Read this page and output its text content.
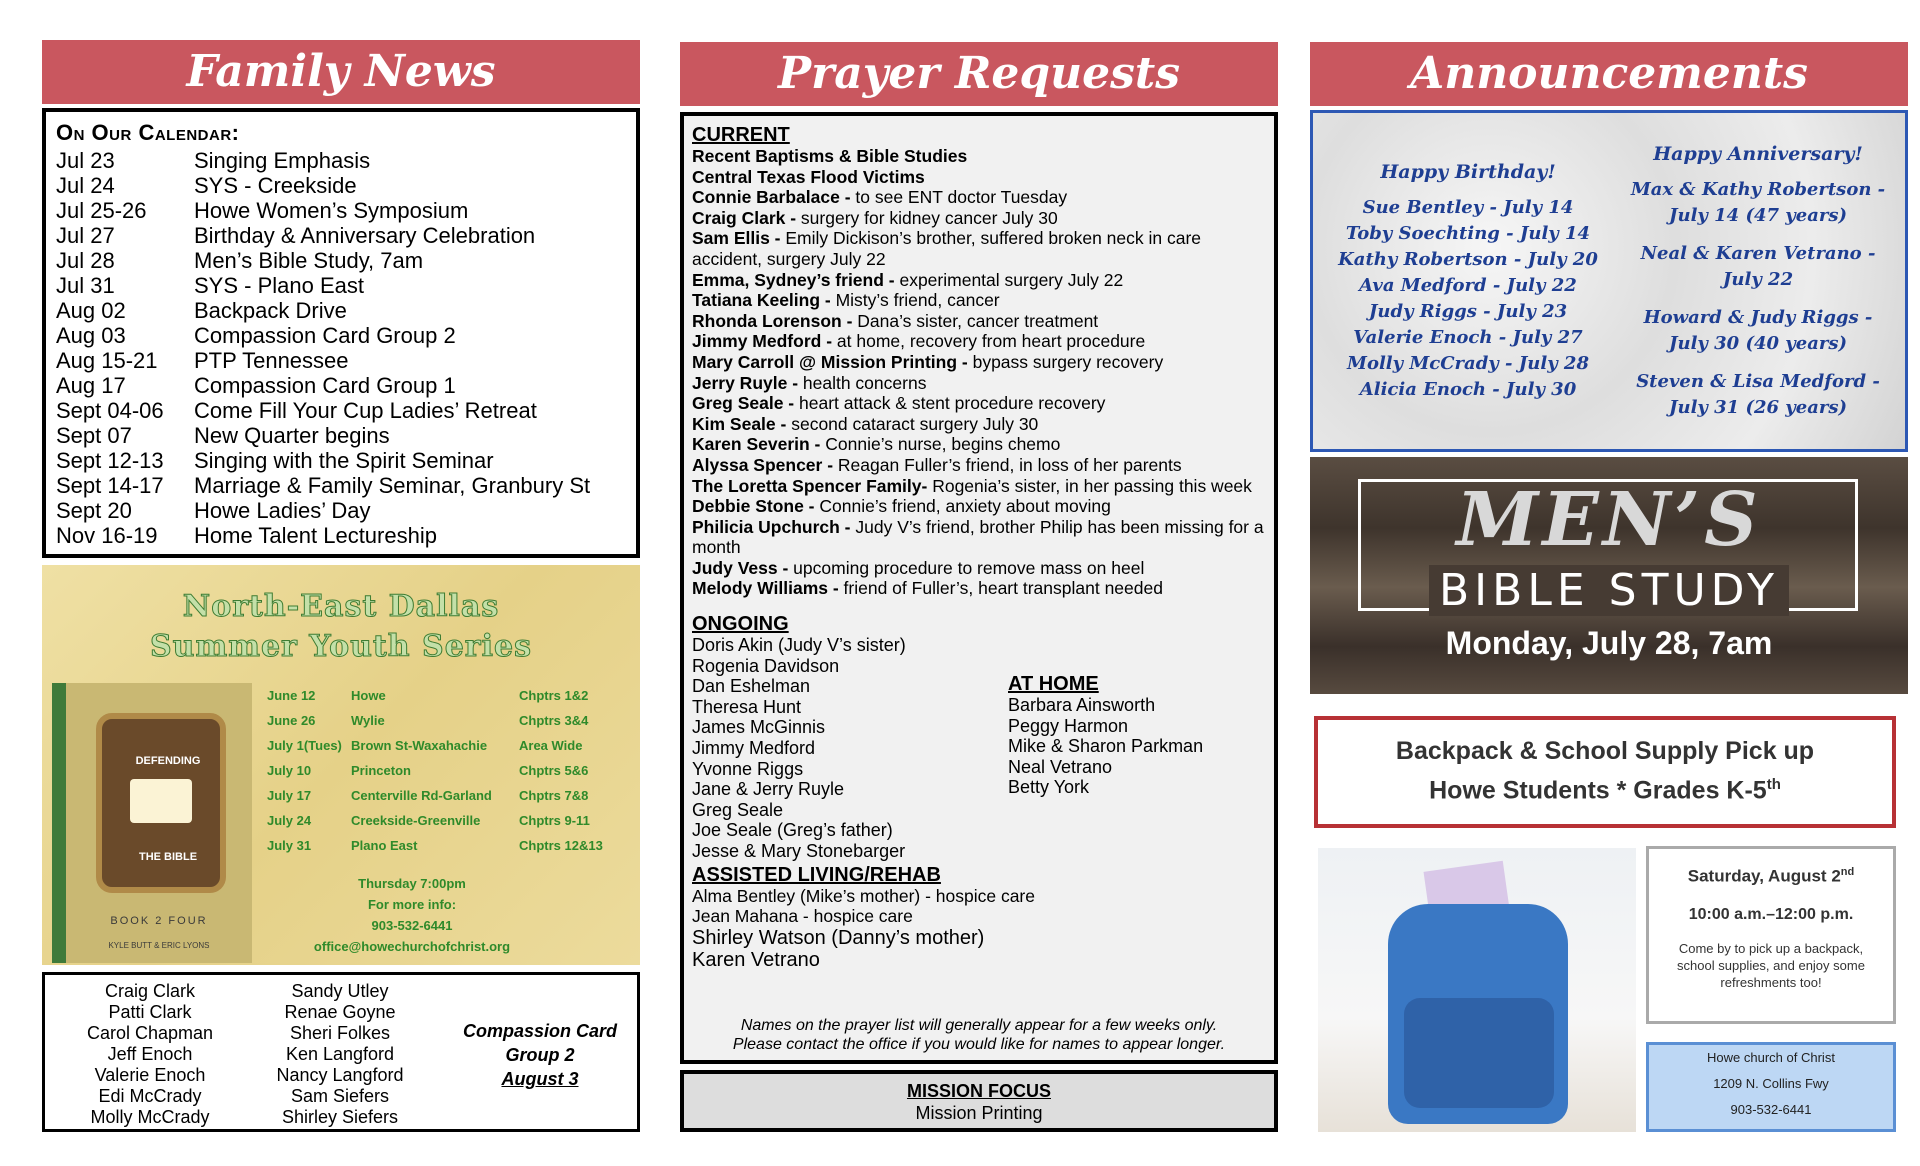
Family News	Prayer Requests	Announcements
On Our Calendar:
Jul 23	Singing Emphasis
Jul 24	SYS - Creekside
Jul 25-26	Howe Women’s Symposium
Jul 27	Birthday & Anniversary Celebration
Jul 28	Men’s Bible Study, 7am
Jul 31	SYS - Plano East
Aug 02	Backpack Drive
Aug 03	Compassion Card Group 2
Aug 15-21	PTP Tennessee
Aug 17	Compassion Card Group 1
Sept 04-06	Come Fill Your Cup Ladies’ Retreat
Sept 07	New Quarter begins
Sept 12-13	Singing with the Spirit Seminar
Sept 14-17	Marriage & Family Seminar, Granbury St
Sept 20	Howe Ladies’ Day
Nov 16-19	Home Talent Lectureship
North-East Dallas
Summer Youth Series
DEFENDING
THE BIBLE
BOOK 2 FOUR
KYLE BUTT & ERIC LYONS
June 12	Howe	Chptrs 1&2
June 26	Wylie	Chptrs 3&4
July 1(Tues) Brown St-Waxahachie	Area Wide
July 10	Princeton	Chptrs 5&6
July 17	Centerville Rd-Garland	Chptrs 7&8
July 24	Creekside-Greenville	Chptrs 9-11
July 31	Plano East	Chptrs 12&13
Thursday 7:00pm
For more info:
903-532-6441
office@howechurchofchrist.org
Craig Clark
Patti Clark
Carol Chapman
Jeff Enoch
Valerie Enoch
Edi McCrady
Molly McCrady
Sandy Utley
Renae Goyne
Sheri Folkes
Ken Langford
Nancy Langford
Sam Siefers
Shirley Siefers
Compassion Card
Group 2
August 3
CURRENT
Recent Baptisms & Bible Studies
Central Texas Flood Victims
Connie Barbalace - to see ENT doctor Tuesday
Craig Clark - surgery for kidney cancer July 30
Sam Ellis - Emily Dickison’s brother, suffered broken neck in care accident, surgery July 22
Emma, Sydney’s friend - experimental surgery July 22
Tatiana Keeling - Misty’s friend, cancer
Rhonda Lorenson - Dana’s sister, cancer treatment
Jimmy Medford - at home, recovery from heart procedure
Mary Carroll @ Mission Printing - bypass surgery recovery
Jerry Ruyle - health concerns
Greg Seale - heart attack & stent procedure recovery
Kim Seale - second cataract surgery July 30
Karen Severin - Connie’s nurse, begins chemo
Alyssa Spencer - Reagan Fuller’s friend, in loss of her parents
The Loretta Spencer Family- Rogenia’s sister, in her passing this week
Debbie Stone - Connie’s friend, anxiety about moving
Philicia Upchurch - Judy V’s friend, brother Philip has been missing for a month
Judy Vess - upcoming procedure to remove mass on heel
Melody Williams - friend of Fuller’s, heart transplant needed
ONGOING
Doris Akin (Judy V’s sister)
Rogenia Davidson
Dan Eshelman
Theresa Hunt
James McGinnis
Jimmy Medford
Yvonne Riggs
Jane & Jerry Ruyle
Greg Seale
Joe Seale (Greg’s father)
Jesse & Mary Stonebarger
AT HOME
Barbara Ainsworth
Peggy Harmon
Mike & Sharon Parkman
Neal Vetrano
Betty York
ASSISTED LIVING/REHAB
Alma Bentley (Mike’s mother) - hospice care
Jean Mahana - hospice care
Shirley Watson (Danny’s mother)
Karen Vetrano
Names on the prayer list will generally appear for a few weeks only.
Please contact the office if you would like for names to appear longer.
MISSION FOCUS
Mission Printing
Happy Birthday!
Sue Bentley - July 14
Toby Soechting - July 14
Kathy Robertson - July 20
Ava Medford - July 22
Judy Riggs - July 23
Valerie Enoch - July 27
Molly McCrady - July 28
Alicia Enoch - July 30
Happy Anniversary!
Max & Kathy Robertson -
July 14 (47 years)
Neal & Karen Vetrano -
July 22
Howard & Judy Riggs -
July 30 (40 years)
Steven & Lisa Medford -
July 31 (26 years)
MEN’S
BIBLE STUDY
Monday, July 28, 7am
Backpack & School Supply Pick up
Howe Students * Grades K-5th
Saturday, August 2nd
10:00 a.m.–12:00 p.m.
Come by to pick up a backpack, school supplies, and enjoy some refreshments too!
Howe church of Christ
1209 N. Collins Fwy
903-532-6441
